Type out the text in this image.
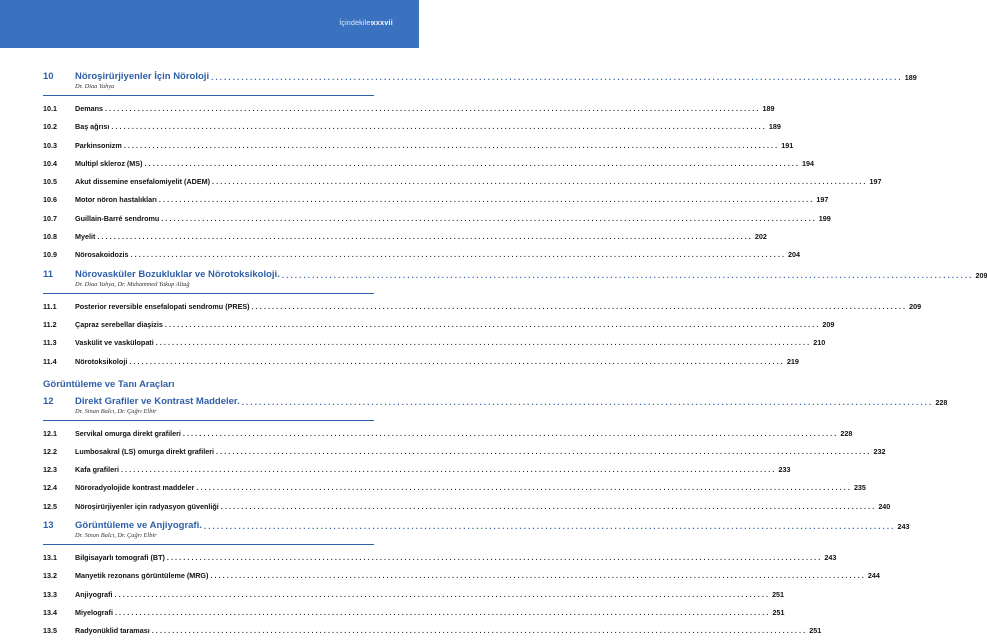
İçindekiler
xxxvii
10	Nöroşirürjiyenler İçin Nöroloji ................................................................................................................................................................ 189
Dr. Diaa Yahya
10.1	Demans ................................................................................................................................................................ 189
10.2	Baş ağrısı ................................................................................................................................................................ 189
10.3	Parkinsonizm ................................................................................................................................................................ 191
10.4	Multipl skleroz (MS) ................................................................................................................................................................ 194
10.5	Akut dissemine ensefalomiyelit (ADEM) ................................................................................................................................................................ 197
10.6	Motor nöron hastalıkları ................................................................................................................................................................ 197
10.7	Guillain-Barré sendromu ................................................................................................................................................................ 199
10.8	Myelit ................................................................................................................................................................ 202
10.9	Nörosakoidozis ................................................................................................................................................................ 204
11	Nörovasküler Bozukluklar ve Nörotoksikoloji. ................................................................................................................................................................ 209
Dr. Diaa Yahya, Dr. Muhammed Yakup Altuğ
11.1	Posterior reversible ensefalopati sendromu (PRES) ................................................................................................................................................................ 209
11.2	Çapraz serebellar diaşizis ................................................................................................................................................................ 209
11.3	Vaskülit ve vaskülopati ................................................................................................................................................................ 210
11.4	Nörotoksikoloji ................................................................................................................................................................ 219
Görüntüleme ve Tanı Araçları
12	Direkt Grafiler ve Kontrast Maddeler. ................................................................................................................................................................ 228
Dr. Sinan Balcı, Dr. Çağrı Elbir
12.1	Servikal omurga direkt grafileri ................................................................................................................................................................ 228
12.2	Lumbosakral (LS) omurga direkt grafileri ................................................................................................................................................................ 232
12.3	Kafa grafileri ................................................................................................................................................................ 233
12.4	Nöroradyolojide kontrast maddeler ................................................................................................................................................................ 235
12.5	Nöroşirürjiyenler için radyasyon güvenliği ................................................................................................................................................................ 240
13	Görüntüleme ve Anjiyografi. ................................................................................................................................................................ 243
Dr. Sinan Balcı, Dr. Çağrı Elbir
13.1	Bilgisayarlı tomografi (BT) ................................................................................................................................................................ 243
13.2	Manyetik rezonans görüntüleme (MRG) ................................................................................................................................................................ 244
13.3	Anjiyografi ................................................................................................................................................................ 251
13.4	Miyelografi ................................................................................................................................................................ 251
13.5	Radyonüklid taraması ................................................................................................................................................................ 251
